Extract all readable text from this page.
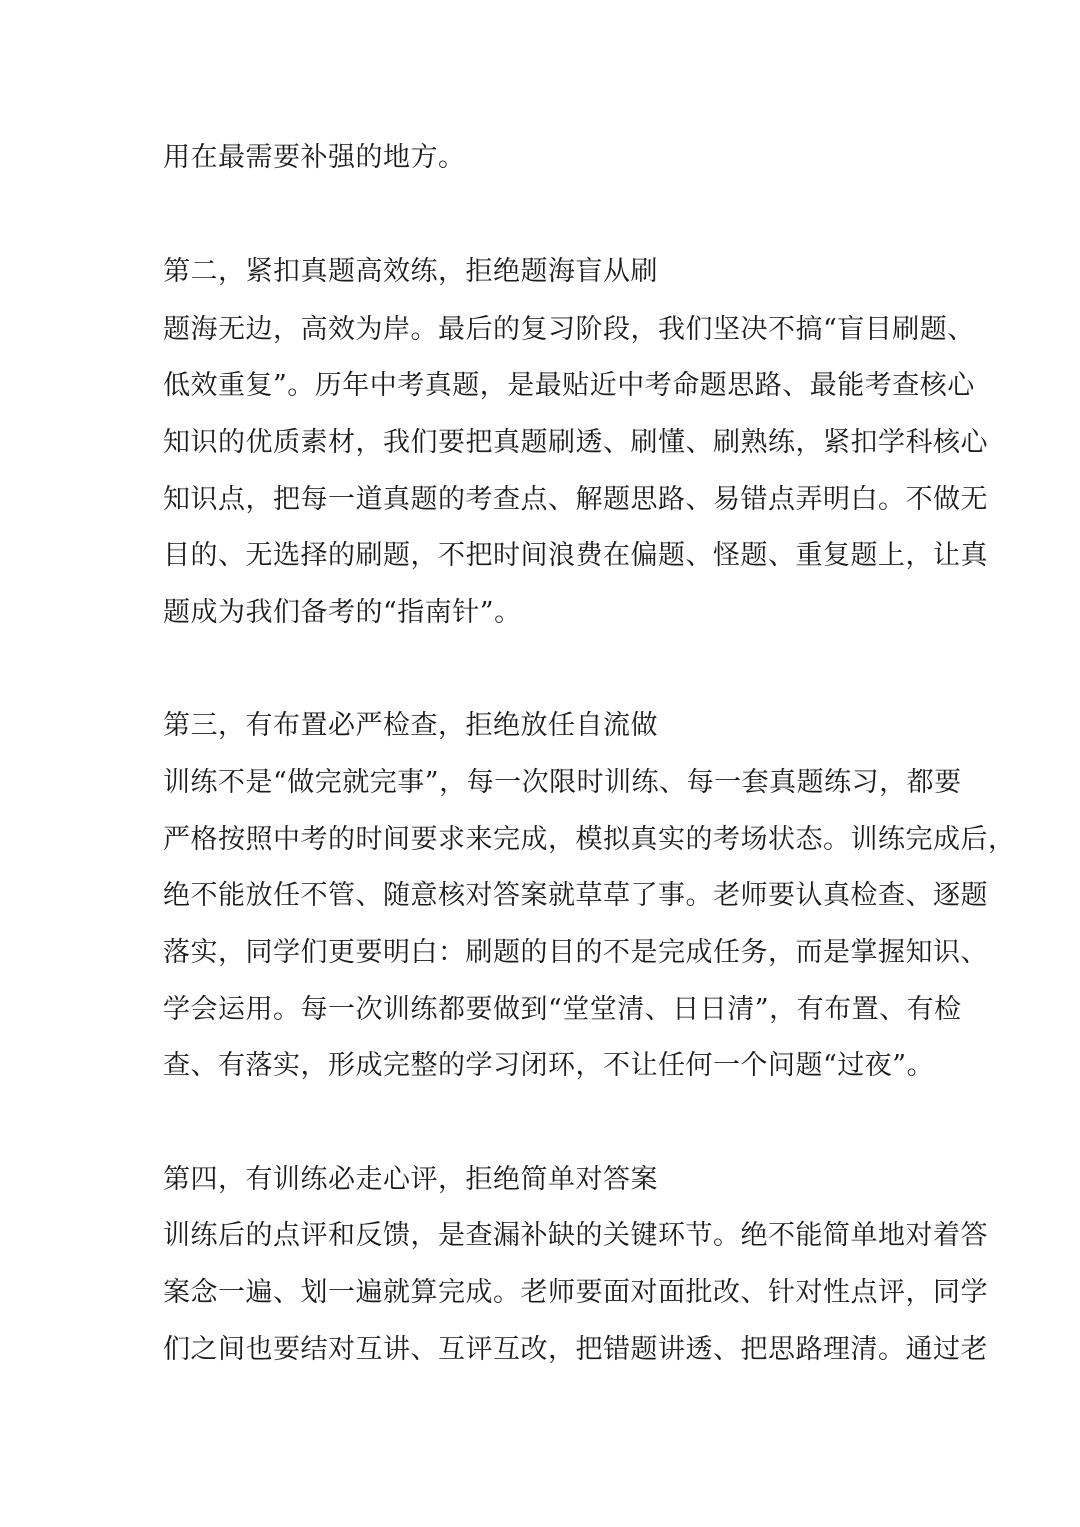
用在最需要补强的地方。
第二，紧扣真题高效练，拒绝题海盲从刷
题海无边，高效为岸。最后的复习阶段，我们坚决不搞“盲目刷题、
低效重复”。历年中考真题，是最贴近中考命题思路、最能考查核心
知识的优质素材，我们要把真题刷透、刷懂、刷熟练，紧扣学科核心
知识点，把每一道真题的考查点、解题思路、易错点弄明白。不做无
目的、无选择的刷题，不把时间浪费在偏题、怪题、重复题上，让真
题成为我们备考的“指南针”。
第三，有布置必严检查，拒绝放任自流做
训练不是“做完就完事”，每一次限时训练、每一套真题练习，都要
严格按照中考的时间要求来完成，模拟真实的考场状态。训练完成后，
绝不能放任不管、随意核对答案就草草了事。老师要认真检查、逐题
落实，同学们更要明白：刷题的目的不是完成任务，而是掌握知识、
学会运用。每一次训练都要做到“堂堂清、日日清”，有布置、有检
查、有落实，形成完整的学习闭环，不让任何一个问题“过夜”。
第四，有训练必走心评，拒绝简单对答案
训练后的点评和反馈，是查漏补缺的关键环节。绝不能简单地对着答
案念一遍、划一遍就算完成。老师要面对面批改、针对性点评，同学
们之间也要结对互讲、互评互改，把错题讲透、把思路理清。通过老
